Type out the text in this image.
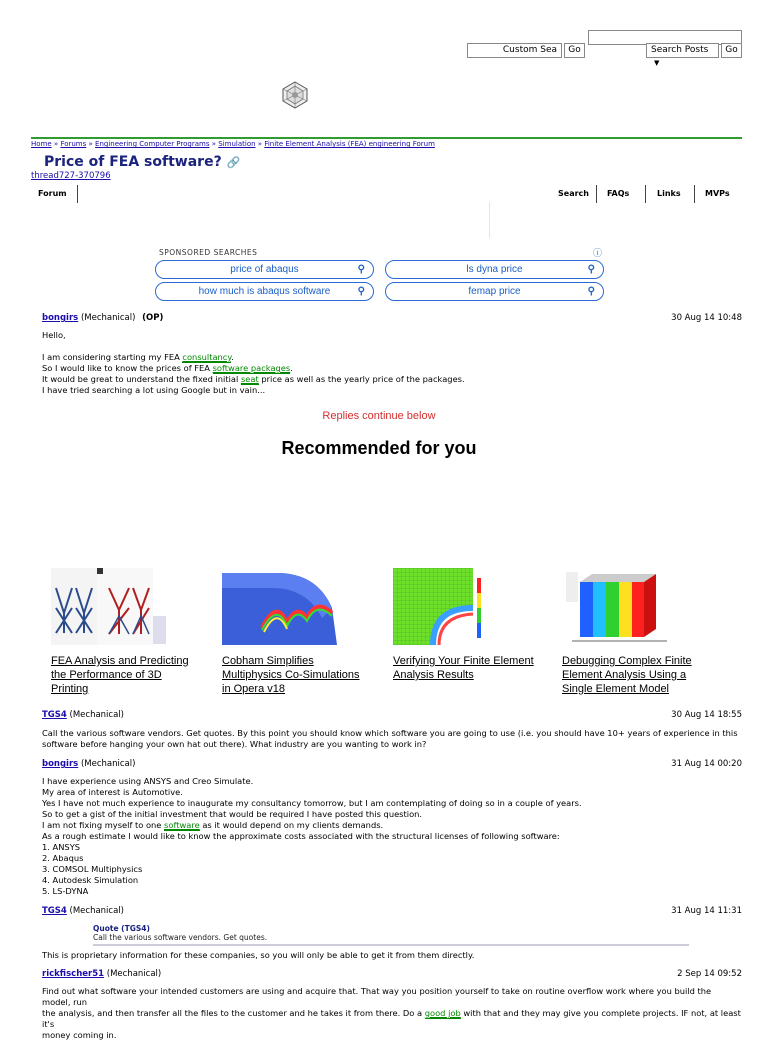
Custom Sea	Go	Search Posts ▼
Go
Home » Forums » Engineering Computer Programs » Simulation » Finite Element Analysis (FEA) engineering Forum
Price of FEA software? 🔗
thread727-370796
Forum	Search FAQs	Links	MVPs
SPONSORED SEARCHES	ⓘ
price of abaqus	⚲	ls dyna price	⚲
how much is abaqus software	⚲	femap price	⚲
bongirs (Mechanical) (OP)	30 Aug 14 10:48
Hello,
I am considering starting my FEA consultancy.
So I would like to know the prices of FEA software packages.
It would be great to understand the fixed initial seat price as well as the yearly price of the packages.
I have tried searching a lot using Google but in vain...
Replies continue below
Recommended for you
FEA Analysis and Predicting the Performance of 3D Printing
Cobham Simplifies Multiphysics Co-Simulations in Opera v18
Verifying Your Finite Element Analysis Results
Debugging Complex Finite Element Analysis Using a Single Element Model
TGS4 (Mechanical)	30 Aug 14 18:55
Call the various software vendors. Get quotes. By this point you should know which software you are going to use (i.e. you should have 10+ years of experience in this
software before hanging your own hat out there). What industry are you wanting to work in?
bongirs (Mechanical)	31 Aug 14 00:20
I have experience using ANSYS and Creo Simulate.
My area of interest is Automotive.
Yes I have not much experience to inaugurate my consultancy tomorrow, but I am contemplating of doing so in a couple of years.
So to get a gist of the initial investment that would be required I have posted this question.
I am not fixing myself to one software as it would depend on my clients demands.
As a rough estimate I would like to know the approximate costs associated with the structural licenses of following software:
1. ANSYS
2. Abaqus
3. COMSOL Multiphysics
4. Autodesk Simulation
5. LS-DYNA
TGS4 (Mechanical)	31 Aug 14 11:31
Quote (TGS4)
Call the various software vendors. Get quotes.
This is proprietary information for these companies, so you will only be able to get it from them directly.
rickfischer51 (Mechanical)	2 Sep 14 09:52
Find out what software your intended customers are using and acquire that. That way you position yourself to take on routine overflow work where you build the model, run
the analysis, and then transfer all the files to the customer and he takes it from there. Do a good job with that and they may give you complete projects. IF not, at least it's
money coming in.
